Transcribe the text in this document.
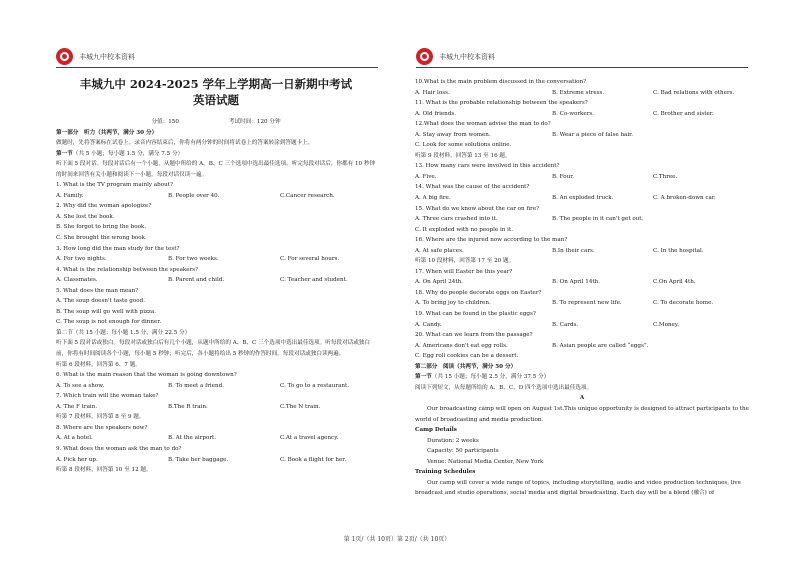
丰城九中校本资料
丰城九中 2024-2025 学年上学期高一日新期中考试
英语试题
分值：150	考试时间：120 分钟
第一部分　听力（共两节，满分 30 分）
做题时，先将答案标在试卷上。录音内容结束后，你将有两分钟的时间将试卷上的答案转涂到答题卡上。
第一节（共 5 小题；每小题 1.5 分，满分 7.5 分）
听下面 5 段对话。每段对话后有一个小题，从题中所给的 A、B、C 三个选项中选出最佳选项。听完每段对话后，你都有 10 秒钟的时间来回答有关小题和阅读下一小题。每段对话仅读一遍。
1. What is the TV program mainly about?
A. Family.	B. People over 40.	C.Cancer research.
2. Why did the woman apologize?
A. She lost the book.
B. She forgot to bring the book.
C. She brought the wrong book.
3. How long did the man study for the test?
A. For two nights.	B. For two weeks.	C. For several hours.
4. What is the relationship between the speakers?
A. Classmates.	B. Parent and child.	C. Teacher and student.
5. What does the man mean?
A. The soup doesn't taste good.
B. The soup will go well with pizza.
C. The soup is not enough for dinner.
第二节（共 15 小题；每小题 1.5 分，满分 22.5 分）
听下面 5 段对话或独白。每段对话或独白后有几个小题，从题中所给的 A、B、C 三个选项中选出最佳选项。听每段对话或独白前，你将有时间阅读各个小题，每小题 5 秒钟；听完后，各小题将给出 5 秒钟的作答时间。每段对话或独白读两遍。
听第 6 段材料，回答第 6、7 题。
6. What is the main reason that the woman is going downtown?
A. To see a show.	B. To meet a friend.	C. To go to a restaurant.
7. Which train will the woman take?
A. The F train.	B.The R train.	C.The N train.
听第 7 段材料，回答第 8 至 9 题。
8. Where are the speakers now?
A. At a hotel.	B. At the airport.	C.At a travel agency.
9. What does the woman ask the man to do?
A. Pick her up.	B. Take her baggage.	C. Book a flight for her.
听第 8 段材料，回答第 10 至 12 题。
丰城九中校本资料
10.What is the main problem discussed in the conversation?
A. Hair loss.	B. Extreme stress.	C. Bad relations with others.
11. What is the probable relationship between the speakers?
A. Old friends.	B. Co-workers.	C. Brother and sister.
12.What does the woman advise the man to do?
A. Stay away from women.	B. Wear a piece of false hair.
C. Look for some solutions online.
听第 9 段材料，回答第 13 至 16 题。
13. How many cars were involved in this accident?
A. Five.	B. Four.	C.Three.
14. What was the cause of the accident?
A. A big fire.	B. An exploded truck.	C. A broken-down car.
15. What do we know about the car on fire?
A. Three cars crashed into it.	B. The people in it can't get out.
C. It exploded with no people in it.
16. Where are the injured now according to the man?
A. At safe places.	B.In their cars.	C. In the hospital.
听第 10 段材料，回答第 17 至 20 题。
17. When will Easter be this year?
A. On April 24th.	B. On April 14th.	C.On April 4th.
18. Why do people decorate eggs on Easter?
A. To bring joy to children.	B. To represent new life.	C. To decorate home.
19. What can be found in the plastic eggs?
A. Candy.	B. Cards.	C.Money.
20. What can we learn from the passage?
A. Americans don't eat egg rolls.	B. Asian people are called “eggs”.
C. Egg roll cookies can be a dessert.
第二部分　阅读（共两节，满分 50 分）
第一节（共 15 小题；每小题 2.5 分，满分 37.5 分）
阅读下列短文，从每题所给的 A、B、C、D 四个选项中选出最佳选项。
A
Our broadcasting camp will open on August 1st.This unique opportunity is designed to attract participants to the world of broadcasting and media production.
Camp Details
Duration: 2 weeks
Capacity: 50 participants
Venue: National Media Center, New York
Training Schedules
Our camp will cover a wide range of topics, including storytelling, audio and video production techniques, live broadcast and studio operations, social media and digital broadcasting. Each day will be a blend (融合) of
第 1页/（共 10页）第 2页/（共 10页）
